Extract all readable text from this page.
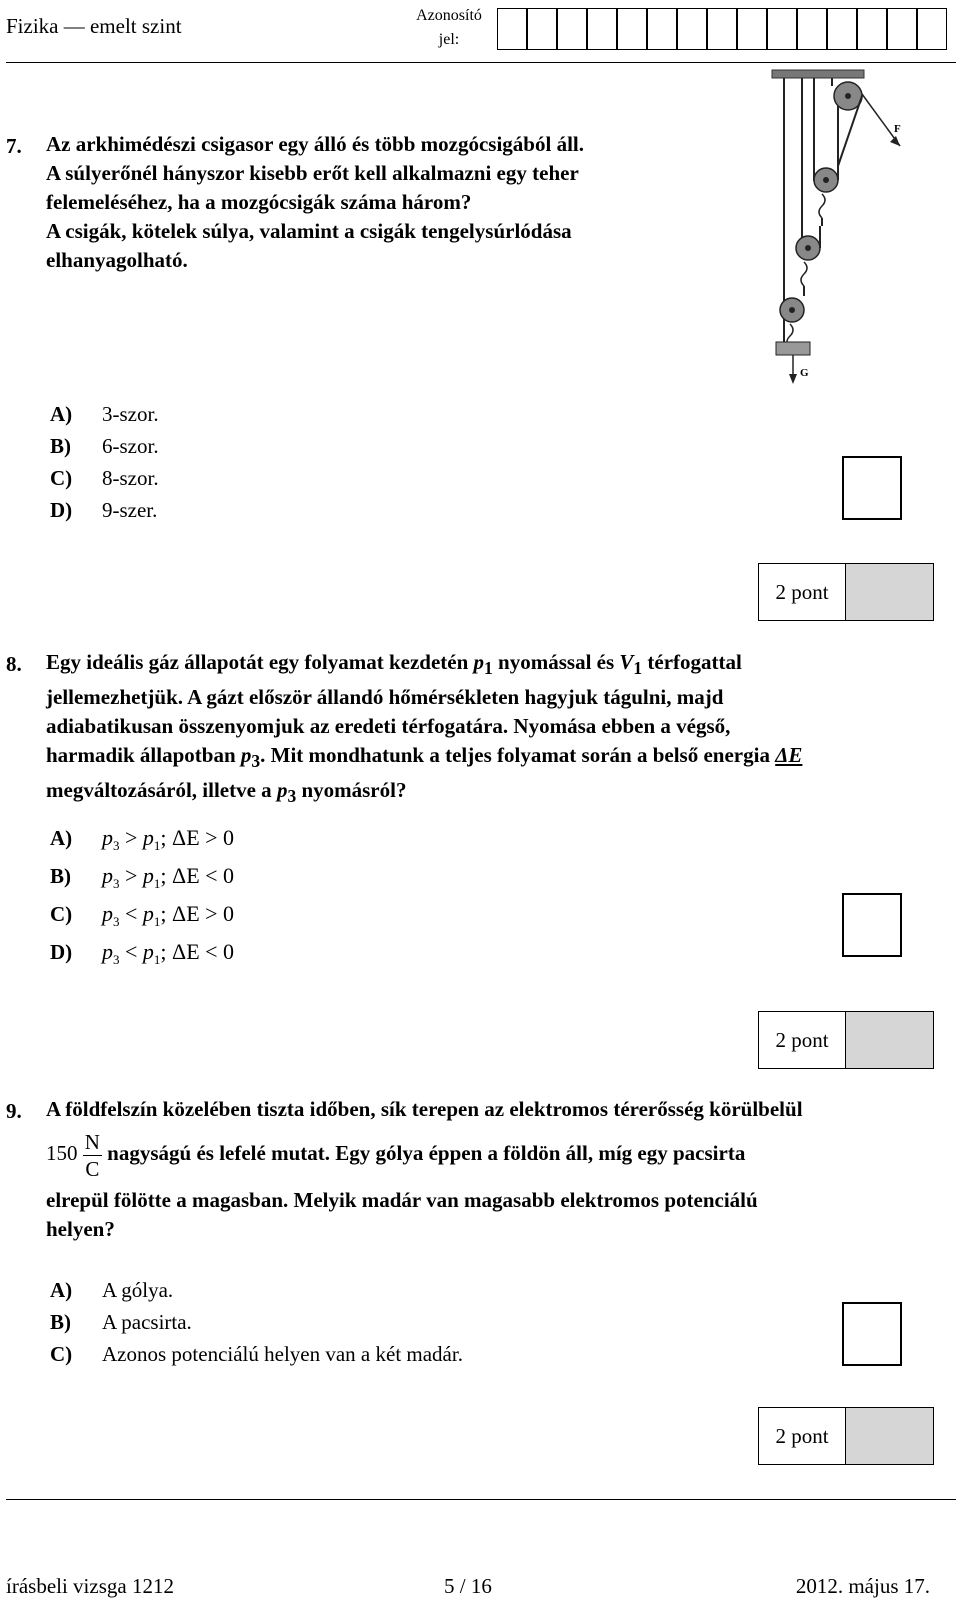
Fizika — emelt szint	Azonosító
jel:
7. Az arkhimédészi csigasor egy álló és több mozgócsigából áll.
A súlyerőnél hányszor kisebb erőt kell alkalmazni egy teher
felemeléséhez, ha a mozgócsigák száma három?
A csigák, kötelek súlya, valamint a csigák tengelysúrlódása
elhanyagolható.
F
G
A) 3-szor.
B) 6-szor.
C) 8-szor.
D) 9-szer.
2 pont
8. Egy ideális gáz állapotát egy folyamat kezdetén $p_1$ nyomással és $V_1$ térfogattal
jellemezhetjük. A gázt először állandó hőmérsékleten hagyjuk tágulni, majd
adiabatikusan összenyomjuk az eredeti térfogatára. Nyomása ebben a végső,
harmadik állapotban $p_3$. Mit mondhatunk a teljes folyamat során a belső energia ΔE
megváltozásáról, illetve a $p_3$ nyomásról?
A) $p_3 > p_1$; ΔE > 0
B) $p_3 > p_1$; ΔE < 0
C) $p_3 < p_1$; ΔE > 0
D) $p_3 < p_1$; ΔE < 0
2 pont
9. A földfelszín közelében tiszta időben, sík terepen az elektromos térerősség körülbelül
$150 \frac{N}{C}$ nagyságú és lefelé mutat. Egy gólya éppen a földön áll, míg egy pacsirta
elrepül fölötte a magasban. Melyik madár van magasabb elektromos potenciálú
helyen?
A) A gólya.
B) A pacsirta.
C) Azonos potenciálú helyen van a két madár.
2 pont
írásbeli vizsga 1212	5 / 16	2012. május 17.
